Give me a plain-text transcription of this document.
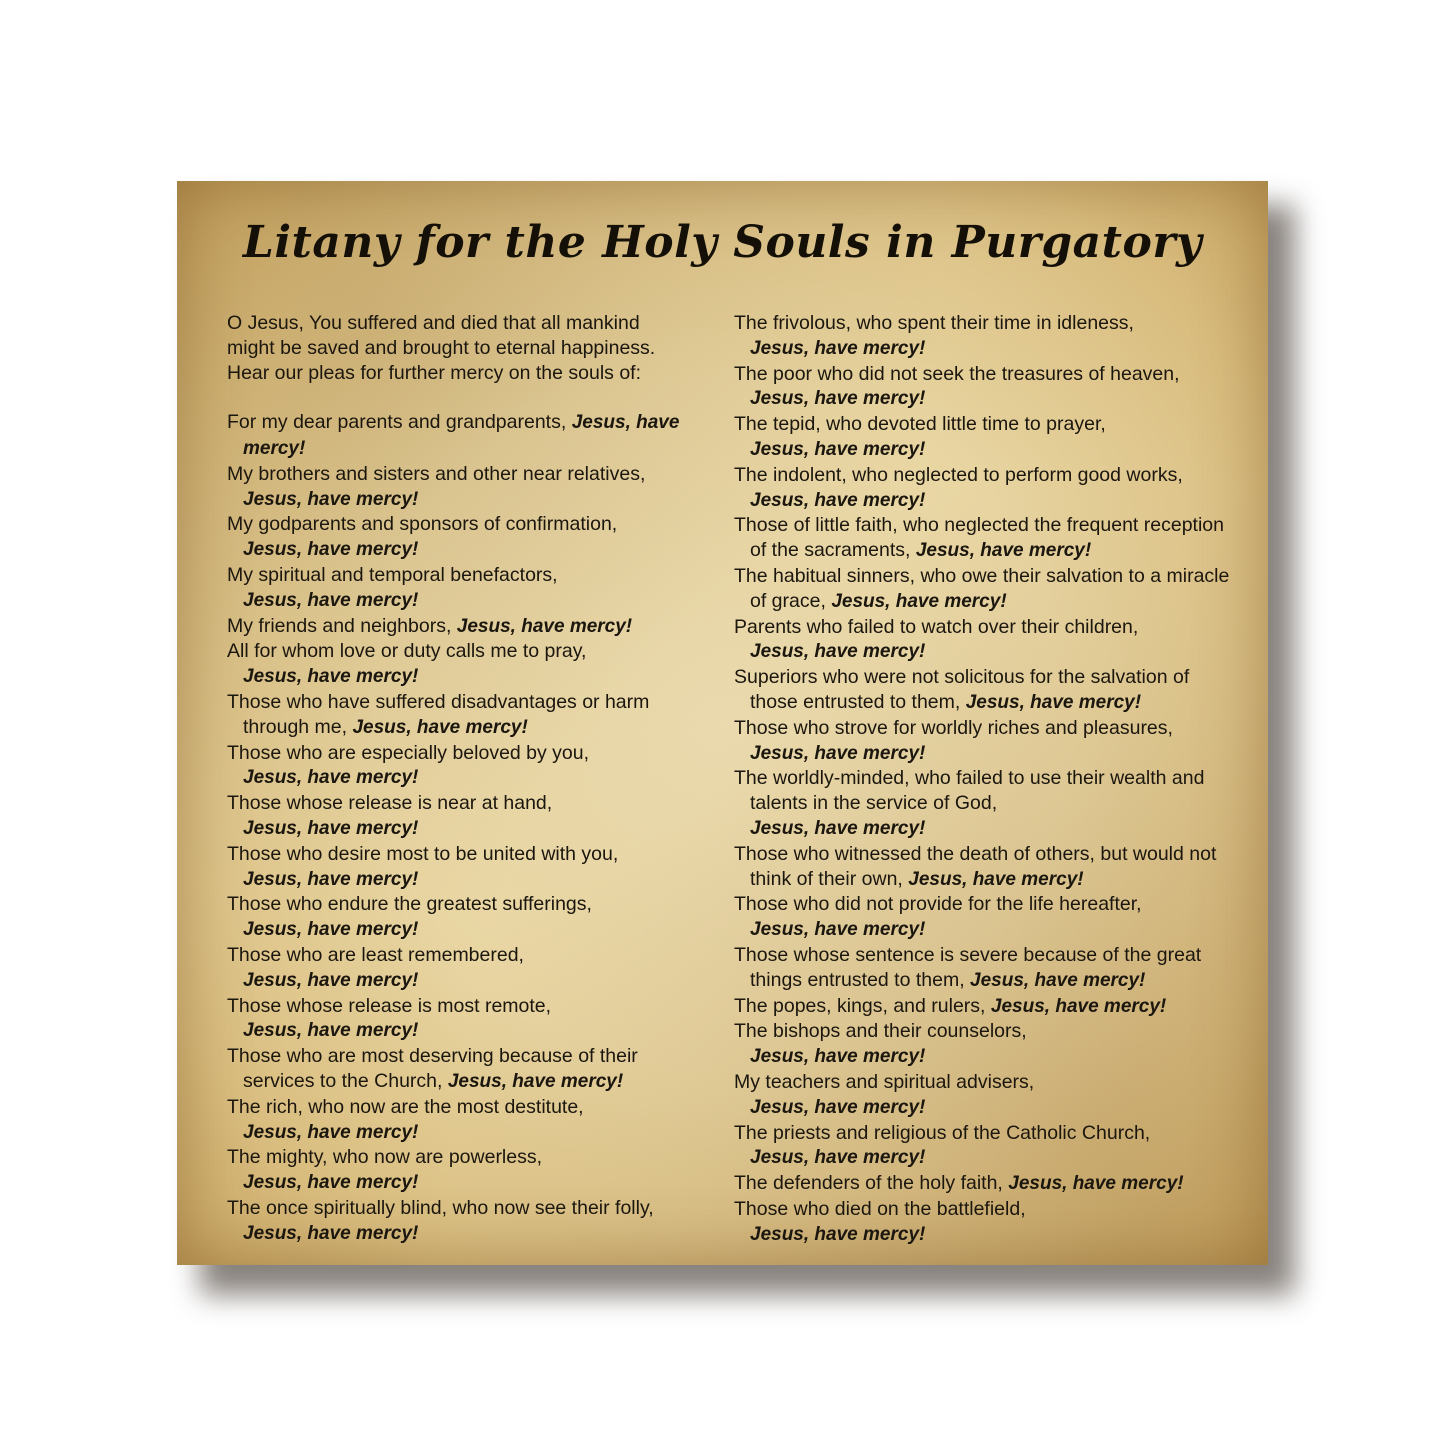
Litany for the Holy Souls in Purgatory
O Jesus, You suffered and died that all mankind
might be saved and brought to eternal happiness.
Hear our pleas for further mercy on the souls of:

For my dear parents and grandparents, Jesus, have mercy!

My brothers and sisters and other near relatives,
Jesus, have mercy!

My godparents and sponsors of confirmation,
Jesus, have mercy!

My spiritual and temporal benefactors,
Jesus, have mercy!

My friends and neighbors, Jesus, have mercy!

All for whom love or duty calls me to pray,
Jesus, have mercy!

Those who have suffered disadvantages or harm through me, Jesus, have mercy!

Those who are especially beloved by you,
Jesus, have mercy!

Those whose release is near at hand,
Jesus, have mercy!

Those who desire most to be united with you,
Jesus, have mercy!

Those who endure the greatest sufferings,
Jesus, have mercy!

Those who are least remembered,
Jesus, have mercy!

Those whose release is most remote,
Jesus, have mercy!

Those who are most deserving because of their services to the Church, Jesus, have mercy!

The rich, who now are the most destitute,
Jesus, have mercy!

The mighty, who now are powerless,
Jesus, have mercy!

The once spiritually blind, who now see their folly,
Jesus, have mercy!

The frivolous, who spent their time in idleness,
Jesus, have mercy!

The poor who did not seek the treasures of heaven, Jesus, have mercy!

The tepid, who devoted little time to prayer,
Jesus, have mercy!

The indolent, who neglected to perform good works, Jesus, have mercy!

Those of little faith, who neglected the frequent reception of the sacraments, Jesus, have mercy!

The habitual sinners, who owe their salvation to a miracle of grace, Jesus, have mercy!

Parents who failed to watch over their children,
Jesus, have mercy!

Superiors who were not solicitous for the salvation of those entrusted to them, Jesus, have mercy!

Those who strove for worldly riches and pleasures,
Jesus, have mercy!

The worldly-minded, who failed to use their wealth and talents in the service of God,
Jesus, have mercy!

Those who witnessed the death of others, but would not think of their own, Jesus, have mercy!

Those who did not provide for the life hereafter,
Jesus, have mercy!

Those whose sentence is severe because of the great things entrusted to them, Jesus, have mercy!

The popes, kings, and rulers, Jesus, have mercy!

The bishops and their counselors,
Jesus, have mercy!

My teachers and spiritual advisers,
Jesus, have mercy!

The priests and religious of the Catholic Church,
Jesus, have mercy!

The defenders of the holy faith, Jesus, have mercy!

Those who died on the battlefield,
Jesus, have mercy!
